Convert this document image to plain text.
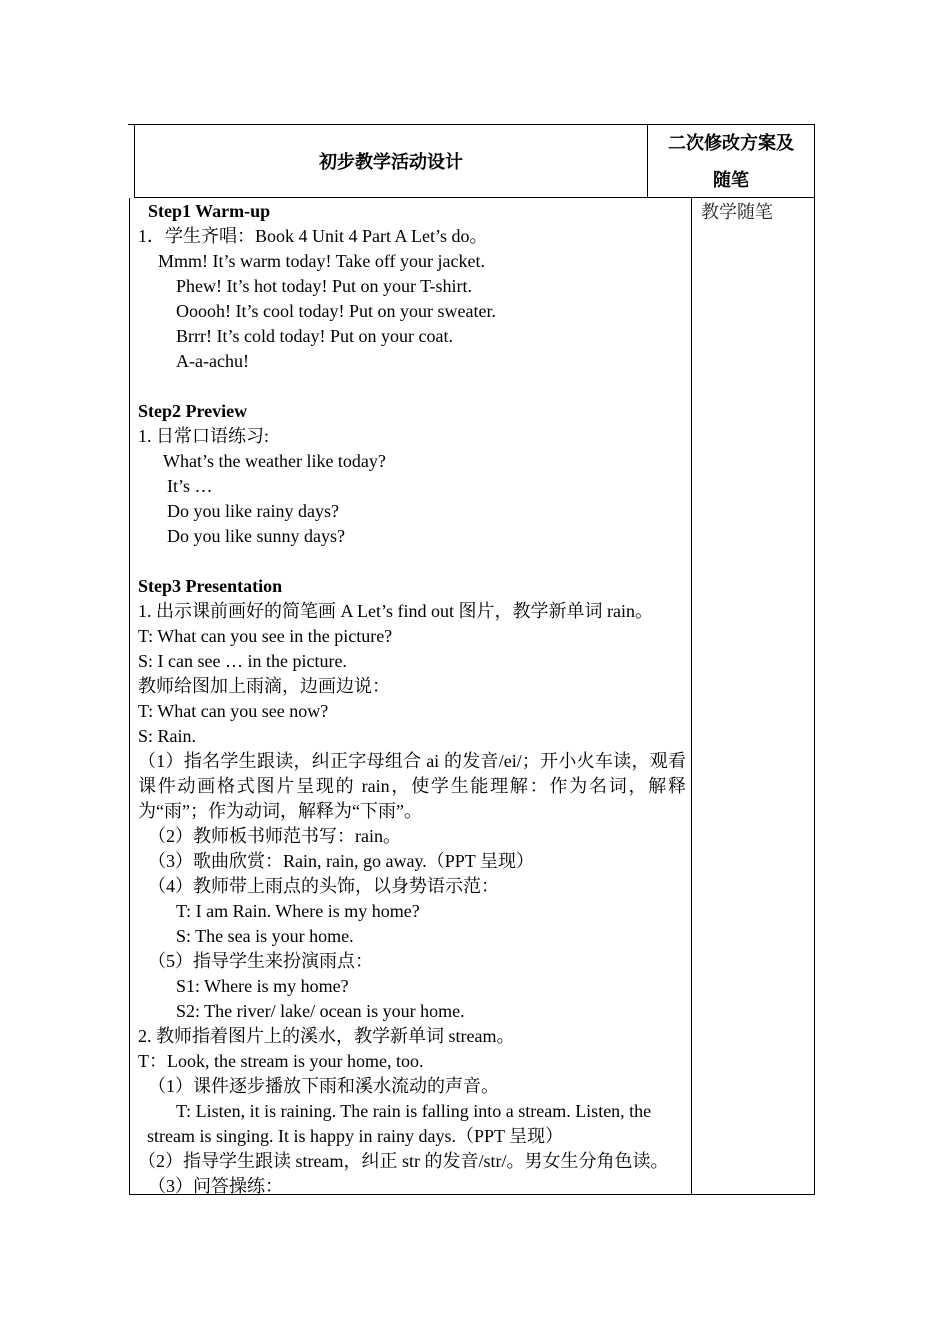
初步教学活动设计
二次修改方案及
随笔
教学随笔
Step1 Warm-up
1．学生齐唱：Book 4 Unit 4 Part A Let’s do。
Mmm! It’s warm today! Take off your jacket.
Phew! It’s hot today! Put on your T-shirt.
Ooooh! It’s cool today! Put on your sweater.
Brrr! It’s cold today! Put on your coat.
A-a-achu!
Step2 Preview
1. 日常口语练习:
What’s the weather like today?
It’s …
Do you like rainy days?
Do you like sunny days?
Step3 Presentation
1. 出示课前画好的简笔画 A Let’s find out 图片，教学新单词 rain。
T: What can you see in the picture?
S: I can see … in the picture.
教师给图加上雨滴，边画边说：
T: What can you see now?
S: Rain.
（1）指名学生跟读，纠正字母组合 ai 的发音/ei/；开小火车读，观看课件动画格式图片呈现的 rain，使学生能理解：作为名词，解释为“雨”；作为动词，解释为“下雨”。
（2）教师板书师范书写：rain。
（3）歌曲欣赏：Rain, rain, go away.（PPT 呈现）
（4）教师带上雨点的头饰，以身势语示范：
T: I am Rain. Where is my home?
S: The sea is your home.
（5）指导学生来扮演雨点：
S1: Where is my home?
S2: The river/ lake/ ocean is your home.
2. 教师指着图片上的溪水，教学新单词 stream。
T：Look, the stream is your home, too.
（1）课件逐步播放下雨和溪水流动的声音。
T: Listen, it is raining. The rain is falling into a stream. Listen, the
stream is singing. It is happy in rainy days.（PPT 呈现）
（2）指导学生跟读 stream，纠正 str 的发音/str/。男女生分角色读。
（3）问答操练：
